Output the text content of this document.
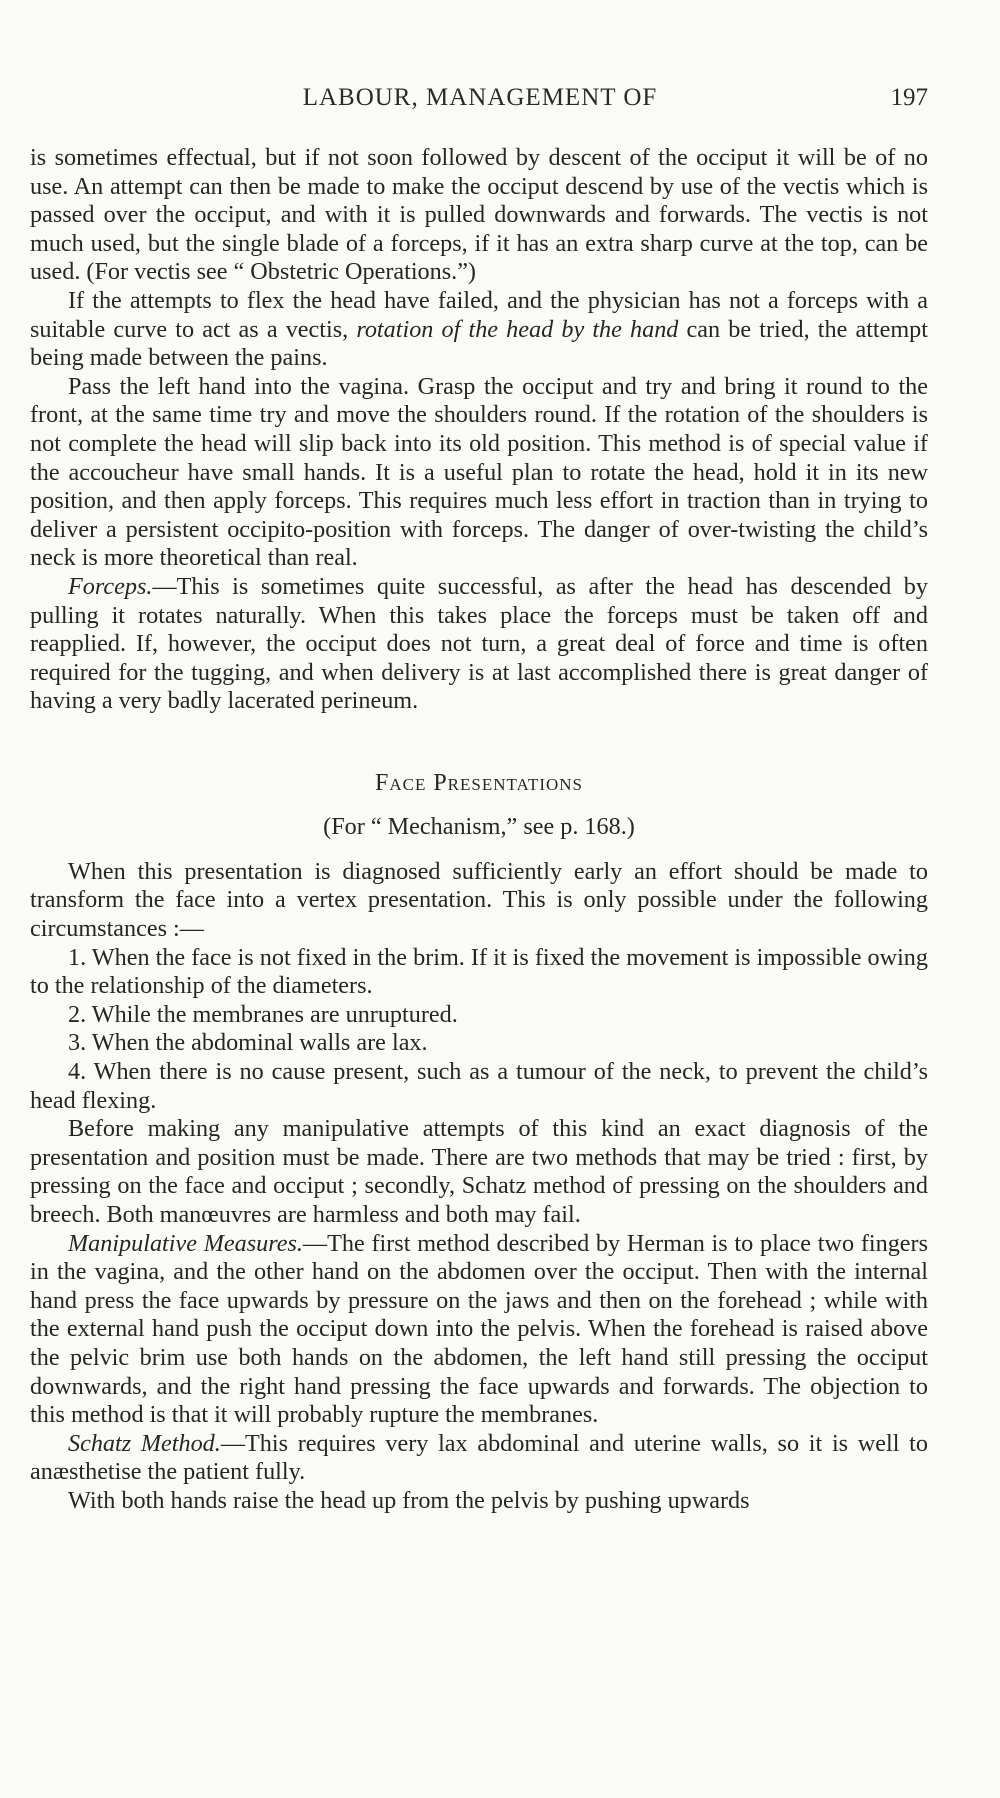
LABOUR, MANAGEMENT OF	197

is sometimes effectual, but if not soon followed by descent of the occiput it will be of no use. An attempt can then be made to make the occiput descend by use of the vectis which is passed over the occiput, and with it is pulled downwards and forwards. The vectis is not much used, but the single blade of a forceps, if it has an extra sharp curve at the top, can be used. (For vectis see “ Obstetric Operations.”)

If the attempts to flex the head have failed, and the physician has not a forceps with a suitable curve to act as a vectis, rotation of the head by the hand can be tried, the attempt being made between the pains.

Pass the left hand into the vagina. Grasp the occiput and try and bring it round to the front, at the same time try and move the shoulders round. If the rotation of the shoulders is not complete the head will slip back into its old position. This method is of special value if the accoucheur have small hands. It is a useful plan to rotate the head, hold it in its new position, and then apply forceps. This requires much less effort in traction than in trying to deliver a persistent occipito-position with forceps. The danger of over-twisting the child’s neck is more theoretical than real.

Forceps.—This is sometimes quite successful, as after the head has descended by pulling it rotates naturally. When this takes place the forceps must be taken off and reapplied. If, however, the occiput does not turn, a great deal of force and time is often required for the tugging, and when delivery is at last accomplished there is great danger of having a very badly lacerated perineum.

Face Presentations
(For “ Mechanism,” see p. 168.)

When this presentation is diagnosed sufficiently early an effort should be made to transform the face into a vertex presentation. This is only possible under the following circumstances :—

1. When the face is not fixed in the brim. If it is fixed the movement is impossible owing to the relationship of the diameters.

2. While the membranes are unruptured.

3. When the abdominal walls are lax.

4. When there is no cause present, such as a tumour of the neck, to prevent the child’s head flexing.

Before making any manipulative attempts of this kind an exact diagnosis of the presentation and position must be made. There are two methods that may be tried : first, by pressing on the face and occiput ; secondly, Schatz method of pressing on the shoulders and breech. Both manœuvres are harmless and both may fail.

Manipulative Measures.—The first method described by Herman is to place two fingers in the vagina, and the other hand on the abdomen over the occiput. Then with the internal hand press the face upwards by pressure on the jaws and then on the forehead ; while with the external hand push the occiput down into the pelvis. When the forehead is raised above the pelvic brim use both hands on the abdomen, the left hand still pressing the occiput downwards, and the right hand pressing the face upwards and forwards. The objection to this method is that it will probably rupture the membranes.

Schatz Method.—This requires very lax abdominal and uterine walls, so it is well to anæsthetise the patient fully.

With both hands raise the head up from the pelvis by pushing upwards
